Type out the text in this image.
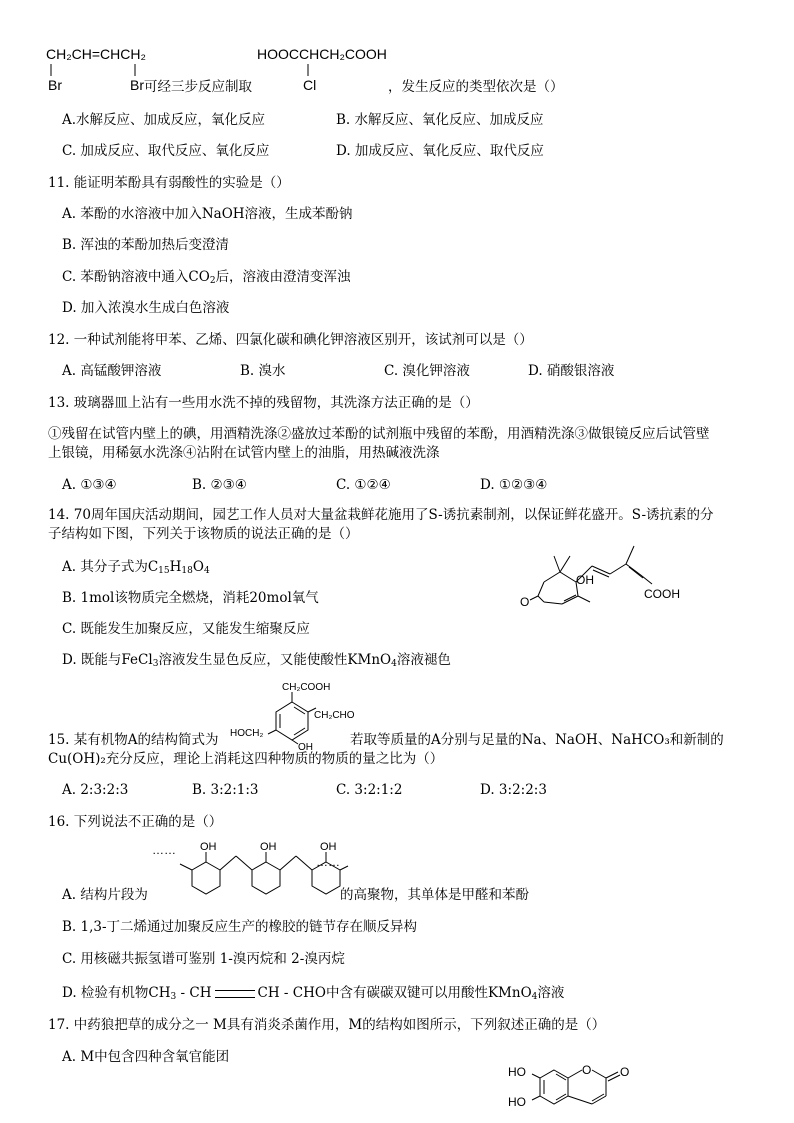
CH₂CH=CHCH₂
Br	Br 可经三步反应制取
HOOCCHCH₂COOH
Cl	，发生反应的类型依次是（）
A.水解反应、加成反应，氧化反应	B. 水解反应、氧化反应、加成反应
C. 加成反应、取代反应、氧化反应	D. 加成反应、氧化反应、取代反应
11. 能证明苯酚具有弱酸性的实验是（）
A. 苯酚的水溶液中加入NaOH溶液，生成苯酚钠
B. 浑浊的苯酚加热后变澄清
C. 苯酚钠溶液中通入$CO_2$后，溶液由澄清变浑浊
D. 加入浓溴水生成白色溶液
12. 一种试剂能将甲苯、乙烯、四氯化碳和碘化钾溶液区别开，该试剂可以是（）
A. 高锰酸钾溶液	B. 溴水	C. 溴化钾溶液	D. 硝酸银溶液
13. 玻璃器皿上沾有一些用水洗不掉的残留物，其洗涤方法正确的是（）
①残留在试管内壁上的碘，用酒精洗涤②盛放过苯酚的试剂瓶中残留的苯酚，用酒精洗涤③做银镜反应后试管壁
上银镜，用稀氨水洗涤④沾附在试管内壁上的油脂，用热碱液洗涤
A. ①③④	B. ②③④	C. ①②④	D. ①②③④
14. 70周年国庆活动期间，园艺工作人员对大量盆栽鲜花施用了S-诱抗素制剂，以保证鲜花盛开。S-诱抗素的分
子结构如下图，下列关于该物质的说法正确的是（）
A. 其分子式为$C_{15}H_{18}O_4$
B. 1mol该物质完全燃烧，消耗20mol氧气
C. 既能发生加聚反应，又能发生缩聚反应
D. 既能与FeCl$_3$溶液发生显色反应，又能使酸性KMnO$_4$溶液褪色
OH
O
COOH
CH₂COOH
CH₂CHO
HOCH₂
OH
15. 某有机物A的结构简式为	若取等质量的A分别与足量的Na、NaOH、NaHCO₃和新制的
Cu(OH)₂充分反应，理论上消耗这四种物质的物质的量之比为（）
A. 2:3:2:3	B. 3:2:1:3	C. 3:2:1:2	D. 3:2:2:3
16. 下列说法不正确的是（）
……
……
OH	OH	OH
A. 结构片段为	的高聚物，其单体是甲醛和苯酚
B. 1,3-丁二烯通过加聚反应生产的橡胶的链节存在顺反异构
C. 用核磁共振氢谱可鉴别 1-溴丙烷和 2-溴丙烷
D. 检验有机物$CH_3$ - CH	CH - CHO中含有碳碳双键可以用酸性KMnO$_4$溶液
17. 中药狼把草的成分之一 M具有消炎杀菌作用，M的结构如图所示，下列叙述正确的是（）
A. M中包含四种含氧官能团
HO
HO
O O
